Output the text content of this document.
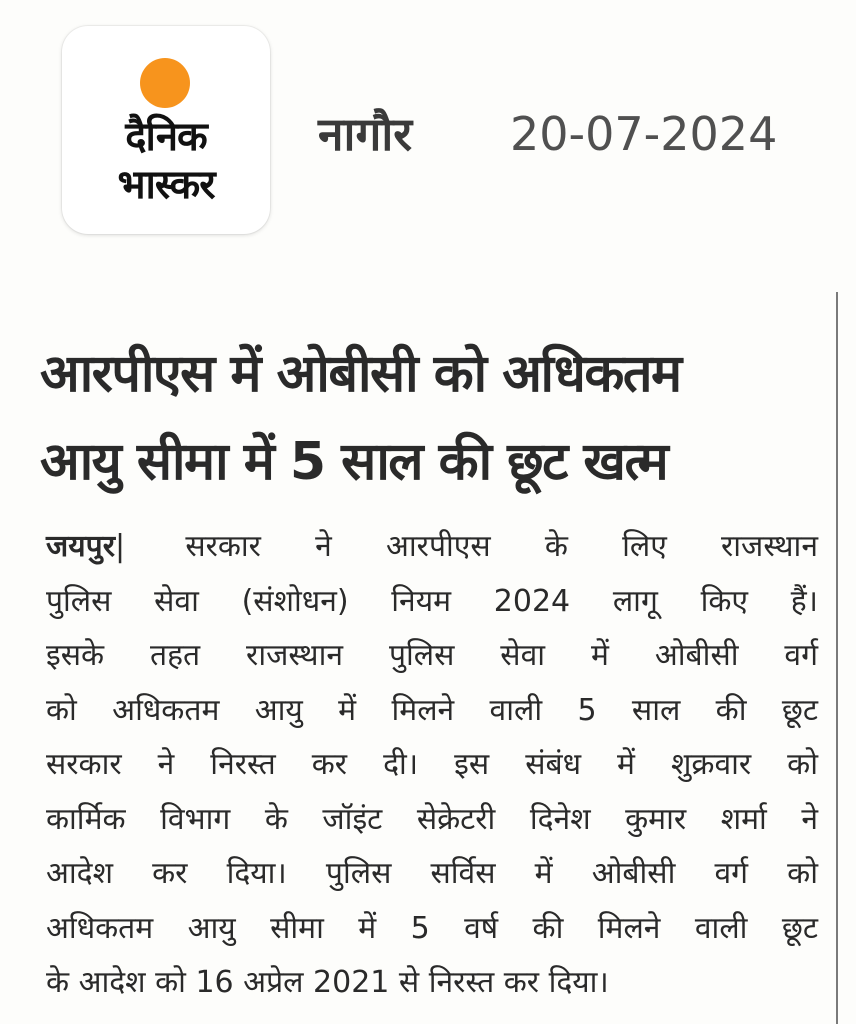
दैनिक
भास्कर
नागौर 20-07-2024
आरपीएस में ओबीसी को अधिकतम
आयु सीमा में 5 साल की छूट खत्म
जयपुर| सरकार ने आरपीएस के लिए राजस्थान
पुलिस सेवा (संशोधन) नियम 2024 लागू किए हैं।
इसके तहत राजस्थान पुलिस सेवा में ओबीसी वर्ग
को अधिकतम आयु में मिलने वाली 5 साल की छूट
सरकार ने निरस्त कर दी। इस संबंध में शुक्रवार को
कार्मिक विभाग के जॉइंट सेक्रेटरी दिनेश कुमार शर्मा ने
आदेश कर दिया। पुलिस सर्विस में ओबीसी वर्ग को
अधिकतम आयु सीमा में 5 वर्ष की मिलने वाली छूट
के आदेश को 16 अप्रेल 2021 से निरस्त कर दिया।
